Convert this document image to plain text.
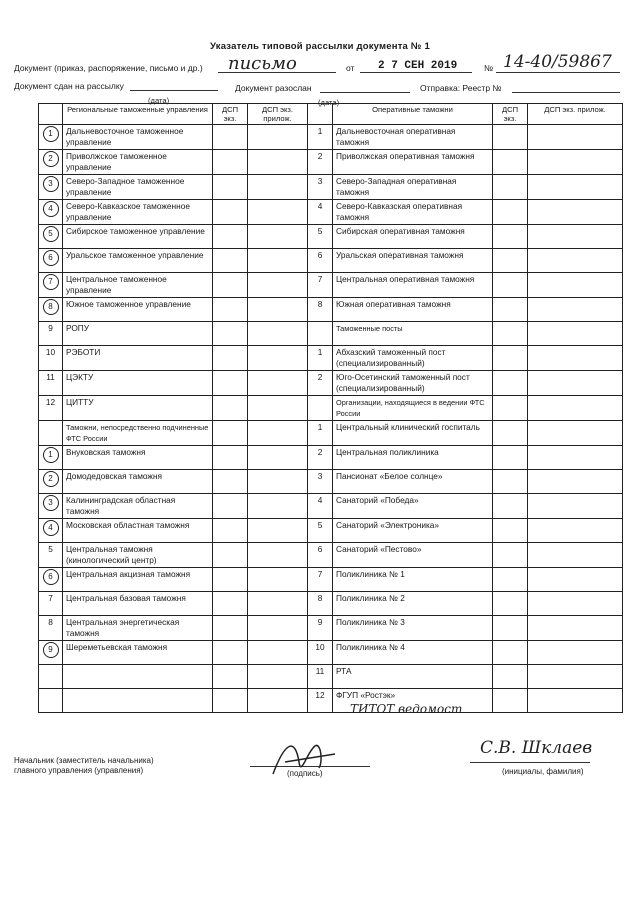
Указатель типовой рассылки документа № 1
Документ (приказ, распоряжение, письмо и др.) письмо	от 2 7 СЕН 2019	№ 14-40/59867
Документ сдан на рассылку	Документ разослан	Отправка: Реестр №
(дата)	(дата)
	Региональные таможенные управления	ДСП экз.	ДСП экз. прилож.		Оперативные таможни	ДСП экз.	ДСП экз. прилож.
1	Дальневосточное таможенное управление			1	Дальневосточная оперативная таможня		
2	Приволжское таможенное управление			2	Приволжская оперативная таможня		
3	Северо-Западное таможенное управление			3	Северо-Западная оперативная таможня		
4	Северо-Кавказское таможенное управление			4	Северо-Кавказская оперативная таможня		
5	Сибирское таможенное управление			5	Сибирская оперативная таможня		
6	Уральское таможенное управление			6	Уральская оперативная таможня		
7	Центральное таможенное управление			7	Центральная оперативная таможня		
8	Южное таможенное управление			8	Южная оперативная таможня		
9	РОПУ				Таможенные посты		
10	РЭБОТИ			1	Абхазский таможенный пост (специализированный)		
11	ЦЭКТУ			2	Юго-Осетинский таможенный пост (специализированный)		
12	ЦИТТУ				Организации, находящиеся в ведении ФТС России		
	Таможни, непосредственно подчиненные ФТС России			1	Центральный клинический госпиталь		
1	Внуковская таможня			2	Центральная поликлиника		
2	Домодедовская таможня			3	Пансионат «Белое солнце»		
3	Калининградская областная таможня			4	Санаторий «Победа»		
4	Московская областная таможня			5	Санаторий «Электроника»		
5	Центральная таможня (кинологический центр)			6	Санаторий «Пестово»		
6	Центральная акцизная таможня			7	Поликлиника № 1		
7	Центральная базовая таможня			8	Поликлиника № 2		
8	Центральная энергетическая таможня			9	Поликлиника № 3		
9	Шереметьевская таможня			10	Поликлиника № 4		
				11	РТА		
				12	ФГУП «Ростэк»		
ТИТОТ ведомост
Начальник (заместитель начальника)
главного управления (управления)	(подпись)
С.В. Шклаев
(инициалы, фамилия)
